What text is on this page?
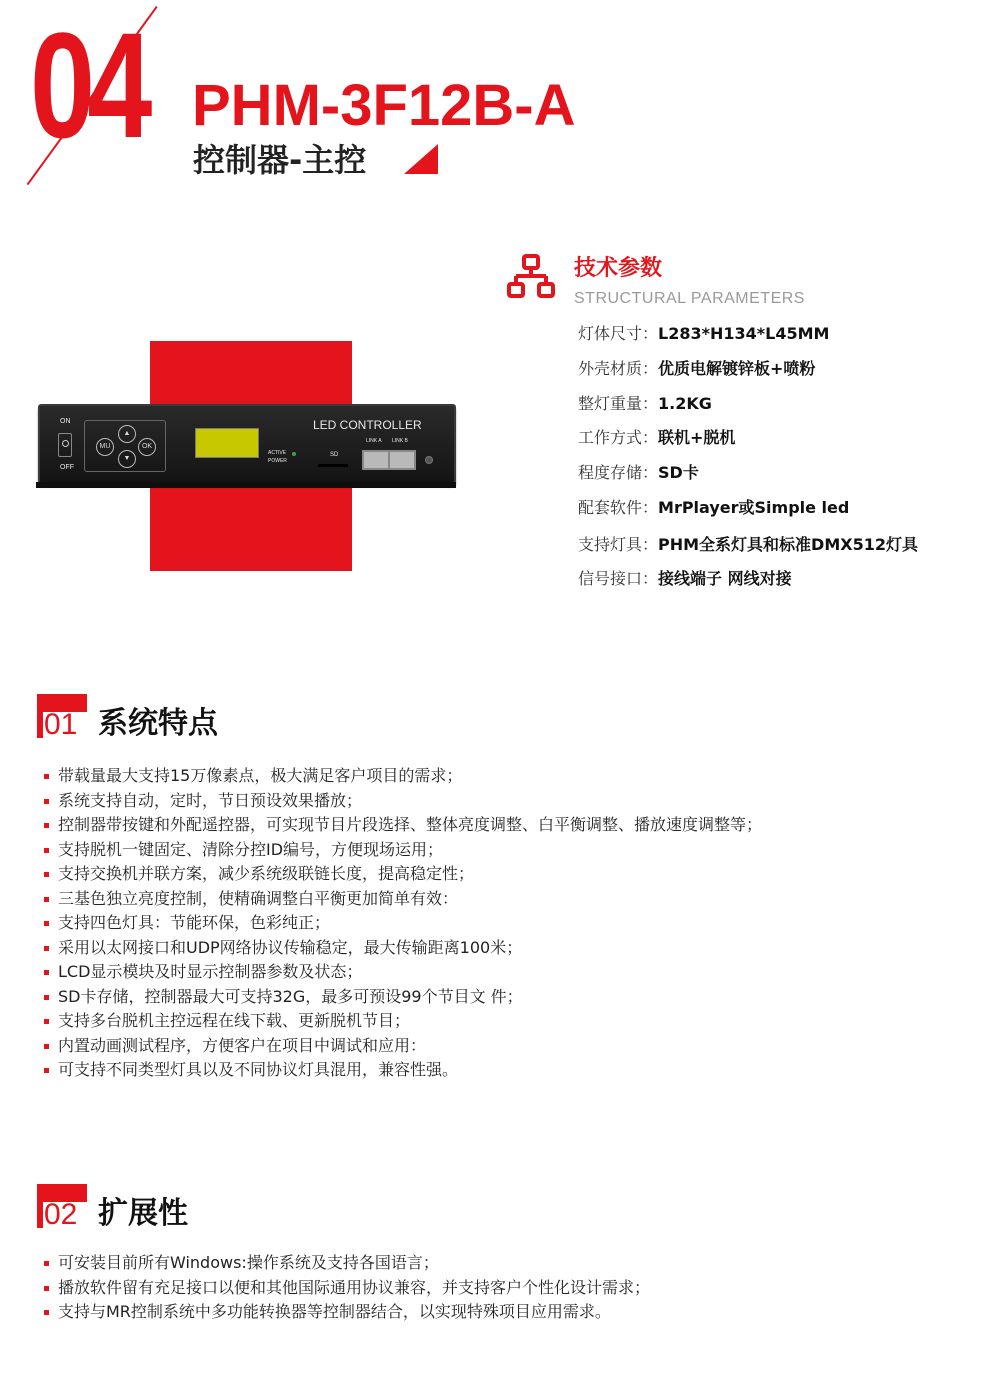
04 PHM-3F12B-A
控制器-主控
ON
OFF
MU
▲
▼
OK
ACTIVE
POWER
LED CONTROLLER
SD
LINK A LINK B
技术参数
STRUCTURAL PARAMETERS
灯体尺寸：L283*H134*L45MM
外壳材质：优质电解镀锌板+喷粉
整灯重量：1.2KG
工作方式：联机+脱机
程度存储：SD卡
配套软件：MrPlayer或Simple led
支持灯具：PHM全系灯具和标准DMX512灯具
信号接口：接线端子 网线对接
01 系统特点
带载量最大支持15万像素点，极大满足客户项目的需求；
系统支持自动，定时，节日预设效果播放；
控制器带按键和外配遥控器，可实现节目片段选择、整体亮度调整、白平衡调整、播放速度调整等；
支持脱机一键固定、清除分控ID编号，方便现场运用；
支持交换机并联方案，减少系统级联链长度，提高稳定性；
三基色独立亮度控制，使精确调整白平衡更加简单有效：
支持四色灯具：节能环保，色彩纯正；
采用以太网接口和UDP网络协议传输稳定，最大传输距离100米；
LCD显示模块及时显示控制器参数及状态；
SD卡存储，控制器最大可支持32G，最多可预设99个节目文 件；
支持多台脱机主控远程在线下载、更新脱机节目；
内置动画测试程序，方便客户在项目中调试和应用：
可支持不同类型灯具以及不同协议灯具混用，兼容性强。
02 扩展性
可安装目前所有Windows:操作系统及支持各国语言；
播放软件留有充足接口以便和其他国际通用协议兼容，并支持客户个性化设计需求；
支持与MR控制系统中多功能转换器等控制器结合，以实现特殊项目应用需求。
